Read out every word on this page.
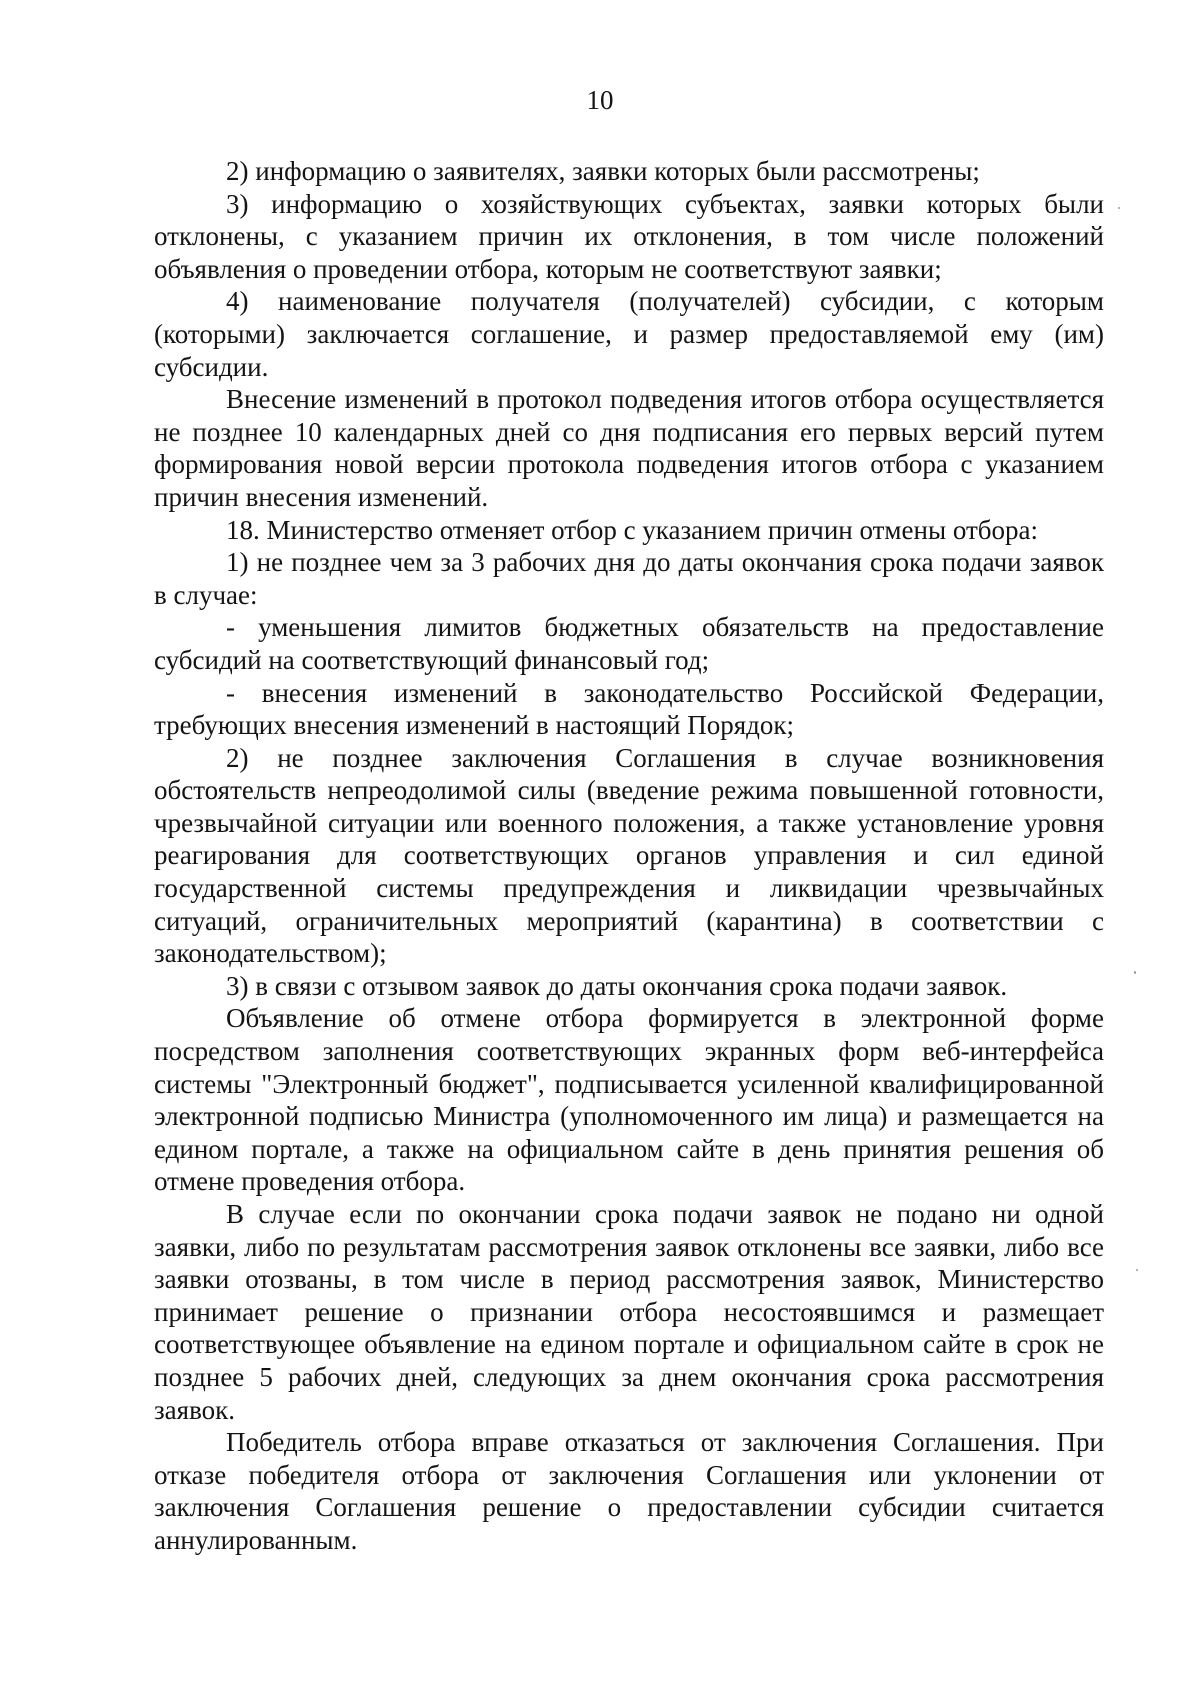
10

2) информацию о заявителях, заявки которых были рассмотрены;

3) информацию о хозяйствующих субъектах, заявки которых были отклонены, с указанием причин их отклонения, в том числе положений объявления о проведении отбора, которым не соответствуют заявки;

4) наименование получателя (получателей) субсидии, с которым (которыми) заключается соглашение, и размер предоставляемой ему (им) субсидии.

Внесение изменений в протокол подведения итогов отбора осуществляется не позднее 10 календарных дней со дня подписания его первых версий путем формирования новой версии протокола подведения итогов отбора с указанием причин внесения изменений.

18. Министерство отменяет отбор с указанием причин отмены отбора:

1) не позднее чем за 3 рабочих дня до даты окончания срока подачи заявок в случае:

- уменьшения лимитов бюджетных обязательств на предоставление субсидий на соответствующий финансовый год;

- внесения изменений в законодательство Российской Федерации, требующих внесения изменений в настоящий Порядок;

2) не позднее заключения Соглашения в случае возникновения обстоятельств непреодолимой силы (введение режима повышенной готовности, чрезвычайной ситуации или военного положения, а также установление уровня реагирования для соответствующих органов управления и сил единой государственной системы предупреждения и ликвидации чрезвычайных ситуаций, ограничительных мероприятий (карантина) в соответствии с законодательством);

3) в связи с отзывом заявок до даты окончания срока подачи заявок.

Объявление об отмене отбора формируется в электронной форме посредством заполнения соответствующих экранных форм веб-интерфейса системы "Электронный бюджет", подписывается усиленной квалифицированной электронной подписью Министра (уполномоченного им лица) и размещается на едином портале, а также на официальном сайте в день принятия решения об отмене проведения отбора.

В случае если по окончании срока подачи заявок не подано ни одной заявки, либо по результатам рассмотрения заявок отклонены все заявки, либо все заявки отозваны, в том числе в период рассмотрения заявок, Министерство принимает решение о признании отбора несостоявшимся и размещает соответствующее объявление на едином портале и официальном сайте в срок не позднее 5 рабочих дней, следующих за днем окончания срока рассмотрения заявок.

Победитель отбора вправе отказаться от заключения Соглашения. При отказе победителя отбора от заключения Соглашения или уклонении от заключения Соглашения решение о предоставлении субсидии считается аннулированным.
